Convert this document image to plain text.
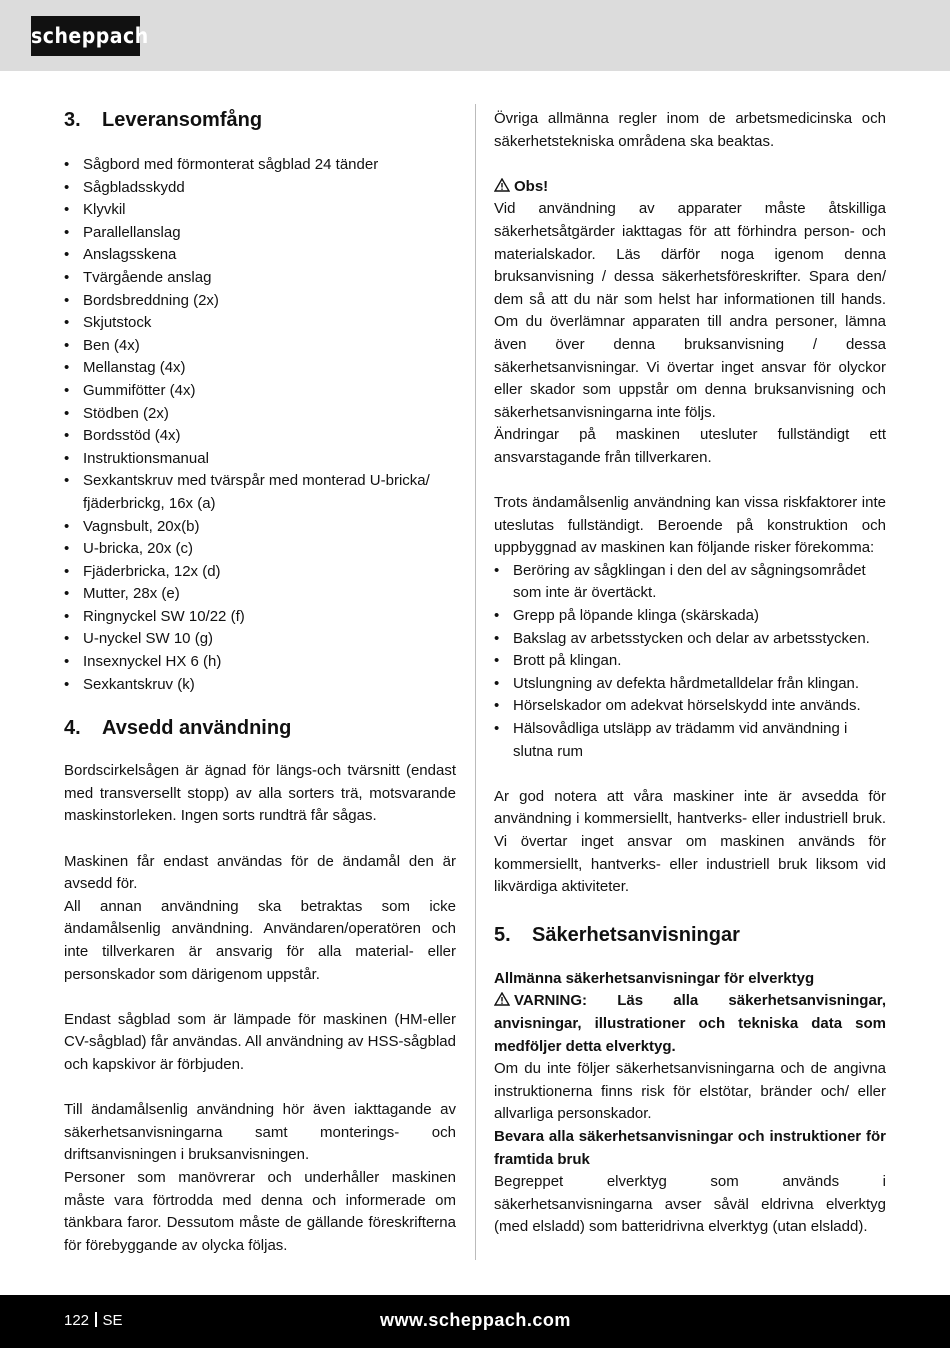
scheppach
3. Leveransomfång
• Sågbord med förmonterat sågblad 24 tänder
• Sågbladsskydd
• Klyvkil
• Parallellanslag
• Anslagsskena
• Tvärgående anslag
• Bordsbreddning (2x)
• Skjutstock
• Ben (4x)
• Mellanstag (4x)
• Gummifötter (4x)
• Stödben (2x)
• Bordsstöd (4x)
• Instruktionsmanual
• Sexkantskruv med tvärspår med monterad U-bricka/ fjäderbrickg, 16x (a)
• Vagnsbult, 20x(b)
• U-bricka, 20x (c)
• Fjäderbricka, 12x (d)
• Mutter, 28x (e)
• Ringnyckel SW 10/22 (f)
• U-nyckel SW 10 (g)
• Insexnyckel HX 6 (h)
• Sexkantskruv (k)
4. Avsedd användning

Bordscirkelsågen är ägnad för längs-och tvärsnitt (endast med transversellt stopp) av alla sorters trä, motsvarande maskinstorleken. Ingen sorts rundträ får sågas.

Maskinen får endast användas för de ändamål den är avsedd för.

All annan användning ska betraktas som icke ändamålsenlig användning. Användaren/operatören och inte tillverkaren är ansvarig för alla material- eller personskador som därigenom uppstår.

Endast sågblad som är lämpade för maskinen (HM-eller CV-sågblad) får användas. All användning av HSS-sågblad och kapskivor är förbjuden.

Till ändamålsenlig användning hör även iakttagande av säkerhetsanvisningarna samt monterings- och driftsanvisningen i bruksanvisningen.

Personer som manövrerar och underhåller maskinen måste vara förtrodda med denna och informerade om tänkbara faror. Dessutom måste de gällande föreskrifterna för förebyggande av olycka följas.

Övriga allmänna regler inom de arbetsmedicinska och säkerhetstekniska områdena ska beaktas.

Obs!

Vid användning av apparater måste åtskilliga säkerhetsåtgärder iakttagas för att förhindra person- och materialskador. Läs därför noga igenom denna bruksanvisning / dessa säkerhetsföreskrifter. Spara den/ dem så att du när som helst har informationen till hands. Om du överlämnar apparaten till andra personer, lämna även över denna bruksanvisning / dessa säkerhetsanvisningar. Vi övertar inget ansvar för olyckor eller skador som uppstår om denna bruksanvisning och säkerhetsanvisningarna inte följs.

Ändringar på maskinen utesluter fullständigt ett ansvarstagande från tillverkaren.

Trots ändamålsenlig användning kan vissa riskfaktorer inte uteslutas fullständigt. Beroende på konstruktion och uppbyggnad av maskinen kan följande risker förekomma:

• Beröring av sågklingan i den del av sågningsområdet som inte är övertäckt.
• Grepp på löpande klinga (skärskada)
• Bakslag av arbetsstycken och delar av arbetsstycken.
• Brott på klingan.
• Utslungning av defekta hårdmetalldelar från klingan.
• Hörselskador om adekvat hörselskydd inte används.
• Hälsovådliga utsläpp av trädamm vid användning i slutna rum

Ar god notera att våra maskiner inte är avsedda för användning i kommersiellt, hantverks- eller industriell bruk. Vi övertar inget ansvar om maskinen används för kommersiellt, hantverks- eller industriell bruk liksom vid likvärdiga aktiviteter.

5. Säkerhetsanvisningar

Allmänna säkerhetsanvisningar för elverktyg

VARNING: Läs alla säkerhetsanvisningar, anvisningar, illustrationer och tekniska data som medföljer detta elverktyg.

Om du inte följer säkerhetsanvisningarna och de angivna instruktionerna finns risk för elstötar, bränder och/ eller allvarliga personskador.

Bevara alla säkerhetsanvisningar och instruktioner för framtida bruk

Begreppet elverktyg som används i säkerhetsanvisningarna avser såväl eldrivna elverktyg (med elsladd) som batteridrivna elverktyg (utan elsladd).

122 SE	www.scheppach.com
